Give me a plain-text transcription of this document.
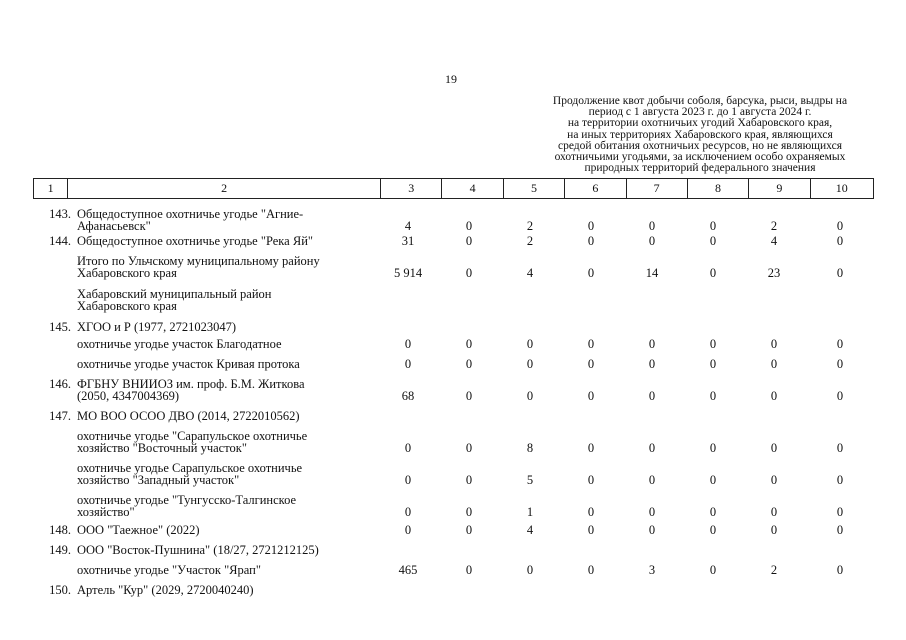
19
Продолжение квот добычи соболя, барсука, рыси, выдры на
период с 1 августа 2023 г. до 1 августа 2024 г.
на территории охотничьих угодий Хабаровского края,
на иных территориях Хабаровского края, являющихся
средой обитания охотничьих ресурсов, но не являющихся
охотничьими угодьями, за исключением особо охраняемых
природных территорий федерального значения
1	2	3	4	5	6	7	8	9	10
143. Общедоступное охотничье угодье "Агние-
Афанасьевск"	4	0	2	0	0	0	2	0
144. Общедоступное охотничье угодье "Река Яй"	31	0	2	0	0	0	4	0
Итого по Ульчскому муниципальному району
Хабаровского края	5 914	0	4	0	14	0	23	0
Хабаровский муниципальный район
Хабаровского края
145. ХГОО и Р (1977, 2721023047)
охотничье угодье участок Благодатное	0	0	0	0	0	0	0	0
охотничье угодье участок Кривая протока	0	0	0	0	0	0	0	0
146. ФГБНУ ВНИИОЗ им. проф. Б.М. Житкова
(2050, 4347004369)	68	0	0	0	0	0	0	0
147. МО ВОО ОСОО ДВО (2014, 2722010562)
охотничье угодье "Сарапульское охотничье
хозяйство "Восточный участок"	0	0	8	0	0	0	0	0
охотничье угодье Сарапульское охотничье
хозяйство "Западный участок"	0	0	5	0	0	0	0	0
охотничье угодье "Тунгусско-Талгинское
хозяйство"	0	0	1	0	0	0	0	0
148. ООО "Таежное" (2022)	0	0	4	0	0	0	0	0
149. ООО "Восток-Пушнина" (18/27, 2721212125)
охотничье угодье "Участок "Ярап"	465	0	0	0	3	0	2	0
150. Артель "Кур" (2029, 2720040240)
